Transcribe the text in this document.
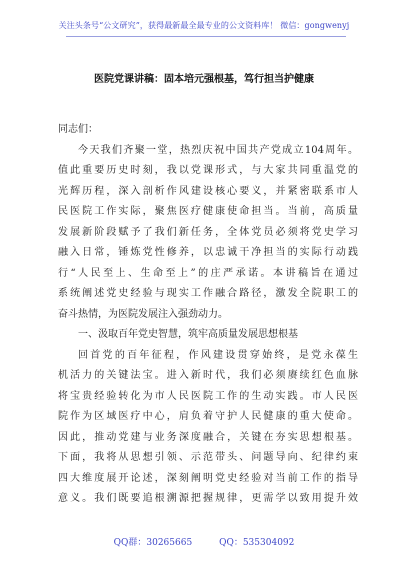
关注头条号“公文研究”，获得最新最全最专业的公文资料库！ 微信：gongwenyj
医院党课讲稿：固本培元强根基，笃行担当护健康
同志们：
今天我们齐聚一堂，热烈庆祝中国共产党成立104周年。
值此重要历史时刻，我以党课形式，与大家共同重温党的
光辉历程，深入剖析作风建设核心要义，并紧密联系市人
民医院工作实际，聚焦医疗健康使命担当。当前，高质量
发展新阶段赋予了我们新任务，全体党员必须将党史学习
融入日常，锤炼党性修养，以忠诚干净担当的实际行动践
行“人民至上、生命至上”的庄严承诺。本讲稿旨在通过
系统阐述党史经验与现实工作融合路径，激发全院职工的
奋斗热情，为医院发展注入强劲动力。
一、汲取百年党史智慧，筑牢高质量发展思想根基
回首党的百年征程，作风建设贯穿始终，是党永葆生
机活力的关键法宝。进入新时代，我们必须赓续红色血脉
将宝贵经验转化为市人民医院工作的生动实践。市人民医
院作为区域医疗中心，肩负着守护人民健康的重大使命。
因此，推动党建与业务深度融合，关键在夯实思想根基。
下面，我将从思想引领、示范带头、问题导向、纪律约束
四大维度展开论述，深刻阐明党史经验对当前工作的指导
意义。我们既要追根溯源把握规律，更需学以致用提升效
QQ群：30265665	QQ：535304092
